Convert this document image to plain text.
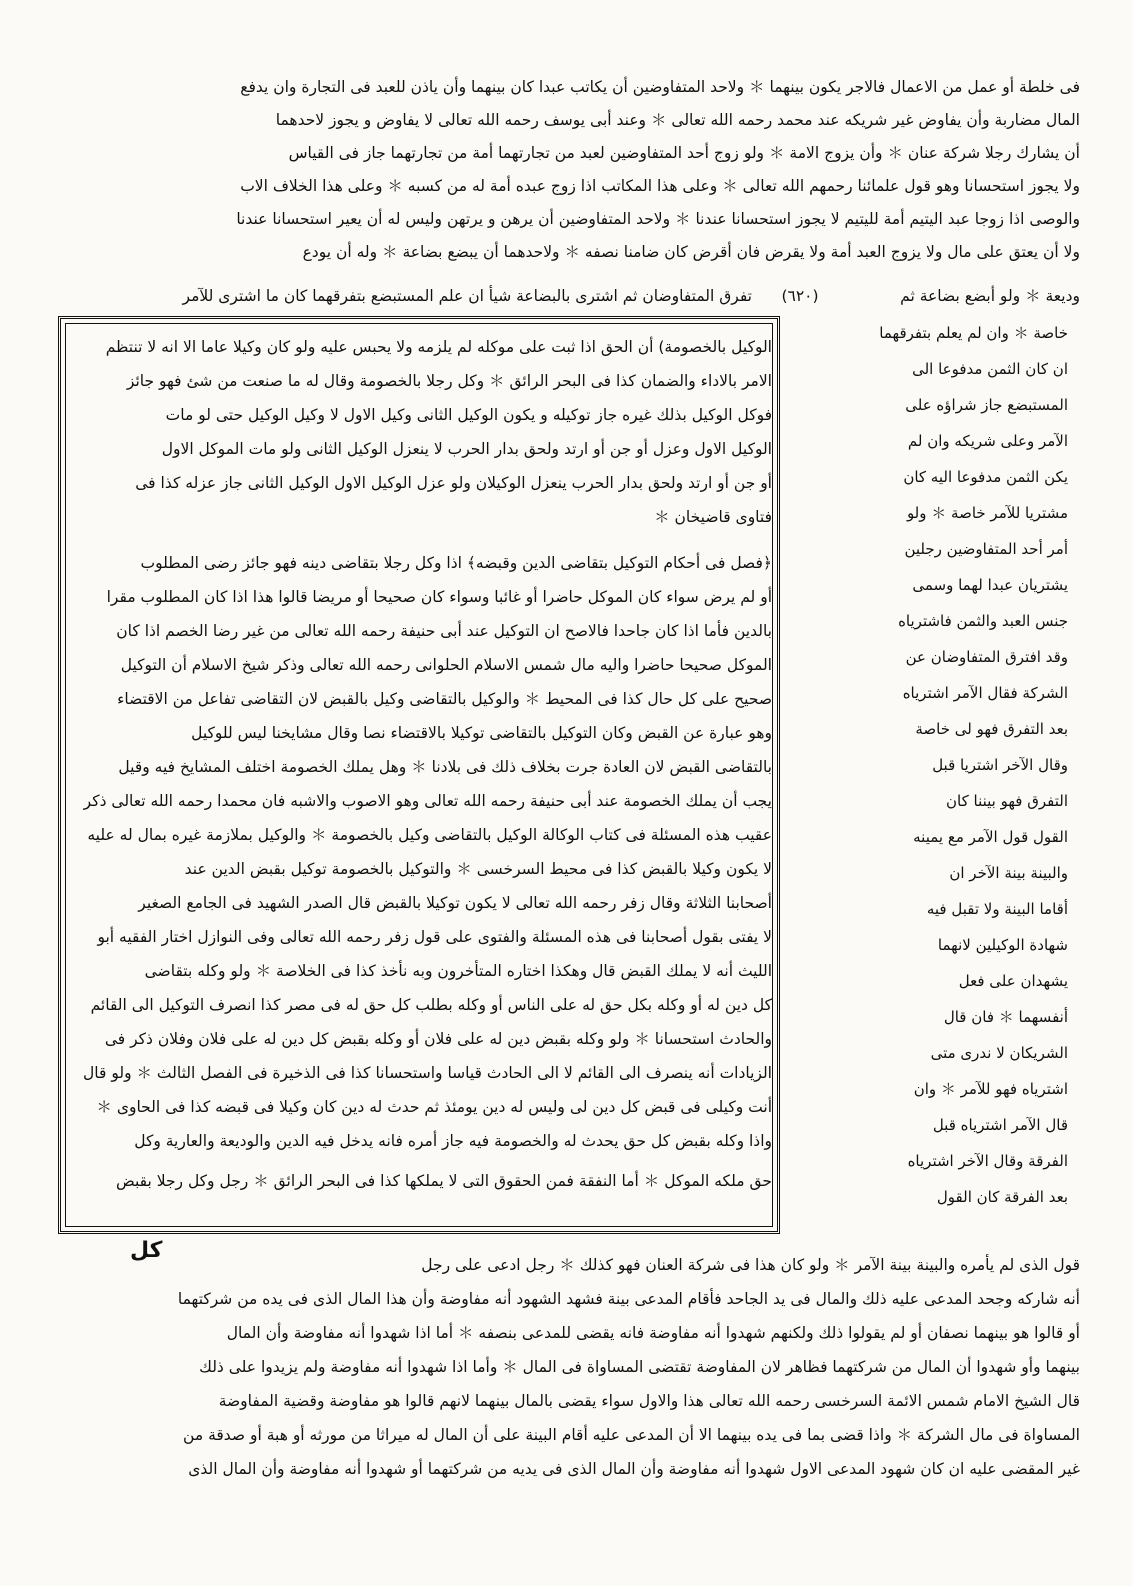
فى خلطة أو عمل من الاعمال فالاجر يكون بينهما ＊ ولاحد المتفاوضين أن يكاتب عبدا كان بينهما وأن ياذن للعبد فى التجارة وان يدفع
المال مضاربة وأن يفاوض غير شريكه عند محمد رحمه الله تعالى ＊ وعند أبى يوسف رحمه الله تعالى لا يفاوض و يجوز لاحدهما
أن يشارك رجلا شركة عنان ＊ وأن يزوج الامة ＊ ولو زوج أحد المتفاوضين لعبد من تجارتهما أمة من تجارتهما جاز فى القياس
ولا يجوز استحسانا وهو قول علمائنا رحمهم الله تعالى ＊ وعلى هذا المكاتب اذا زوج عبده أمة له من كسبه ＊ وعلى هذا الخلاف الاب
والوصى اذا زوجا عبد اليتيم أمة لليتيم لا يجوز استحسانا عندنا ＊ ولاحد المتفاوضين أن يرهن و يرتهن وليس له أن يعير استحسانا عندنا
ولا أن يعتق على مال ولا يزوج العبد أمة ولا يقرض فان أقرض كان ضامنا نصفه ＊ ولاحدهما أن يبضع بضاعة ＊ وله أن يودع
وديعة ＊ ولو أبضع بضاعة ثم
(٦٢٠)
تفرق المتفاوضان ثم اشترى بالبضاعة شيأ ان علم المستبضع بتفرقهما كان ما اشترى للآمر
الوكيل بالخصومة) أن الحق اذا ثبت على موكله لم يلزمه ولا يحبس عليه ولو كان وكيلا عاما الا انه لا تنتظم
الامر بالاداء والضمان كذا فى البحر الرائق ＊ وكل رجلا بالخصومة وقال له ما صنعت من شئ فهو جائز
فوكل الوكيل بذلك غيره جاز توكيله و يكون الوكيل الثانى وكيل الاول لا وكيل الوكيل حتى لو مات
الوكيل الاول وعزل أو جن أو ارتد ولحق بدار الحرب لا ينعزل الوكيل الثانى ولو مات الموكل الاول
أو جن أو ارتد ولحق بدار الحرب ينعزل الوكيلان ولو عزل الوكيل الاول الوكيل الثانى جاز عزله كذا فى
فتاوى قاضيخان ＊
﴿فصل فى أحكام التوكيل بتقاضى الدين وقبضه﴾ اذا وكل رجلا بتقاضى دينه فهو جائز رضى المطلوب
أو لم يرض سواء كان الموكل حاضرا أو غائبا وسواء كان صحيحا أو مريضا قالوا هذا اذا كان المطلوب مقرا
بالدين فأما اذا كان جاحدا فالاصح ان التوكيل عند أبى حنيفة رحمه الله تعالى من غير رضا الخصم اذا كان
الموكل صحيحا حاضرا واليه مال شمس الاسلام الحلوانى رحمه الله تعالى وذكر شيخ الاسلام أن التوكيل
صحيح على كل حال كذا فى المحيط ＊ والوكيل بالتقاضى وكيل بالقبض لان التقاضى تفاعل من الاقتضاء
وهو عبارة عن القبض وكان التوكيل بالتقاضى توكيلا بالاقتضاء نصا وقال مشايخنا ليس للوكيل
بالتقاضى القبض لان العادة جرت بخلاف ذلك فى بلادنا ＊ وهل يملك الخصومة اختلف المشايخ فيه وقيل
يجب أن يملك الخصومة عند أبى حنيفة رحمه الله تعالى وهو الاصوب والاشبه فان محمدا رحمه الله تعالى ذكر
عقيب هذه المسئلة فى كتاب الوكالة الوكيل بالتقاضى وكيل بالخصومة ＊ والوكيل بملازمة غيره بمال له عليه
لا يكون وكيلا بالقبض كذا فى محيط السرخسى ＊ والتوكيل بالخصومة توكيل بقبض الدين عند
أصحابنا الثلاثة وقال زفر رحمه الله تعالى لا يكون توكيلا بالقبض قال الصدر الشهيد فى الجامع الصغير
لا يفتى بقول أصحابنا فى هذه المسئلة والفتوى على قول زفر رحمه الله تعالى وفى النوازل اختار الفقيه أبو
الليث أنه لا يملك القبض قال وهكذا اختاره المتأخرون وبه نأخذ كذا فى الخلاصة ＊ ولو وكله بتقاضى
كل دين له أو وكله بكل حق له على الناس أو وكله بطلب كل حق له فى مصر كذا انصرف التوكيل الى القائم
والحادث استحسانا ＊ ولو وكله بقبض دين له على فلان أو وكله بقبض كل دين له على فلان وفلان ذكر فى
الزيادات أنه ينصرف الى القائم لا الى الحادث قياسا واستحسانا كذا فى الذخيرة فى الفصل الثالث ＊ ولو قال
أنت وكيلى فى قبض كل دين لى وليس له دين يومئذ ثم حدث له دين كان وكيلا فى قبضه كذا فى الحاوى ＊
واذا وكله بقبض كل حق يحدث له والخصومة فيه جاز أمره فانه يدخل فيه الدين والوديعة والعارية وكل
حق ملكه الموكل ＊ أما النفقة فمن الحقوق التى لا يملكها كذا فى البحر الرائق ＊ رجل وكل رجلا بقبض
خاصة ＊ وان لم يعلم بتفرقهما
ان كان الثمن مدفوعا الى
المستبضع جاز شراؤه على
الآمر وعلى شريكه وان لم
يكن الثمن مدفوعا اليه كان
مشتريا للآمر خاصة ＊ ولو
أمر أحد المتفاوضين رجلين
يشتريان عبدا لهما وسمى
جنس العبد والثمن فاشترياه
وقد افترق المتفاوضان عن
الشركة فقال الآمر اشترياه
بعد التفرق فهو لى خاصة
وقال الآخر اشتريا قبل
التفرق فهو بيننا كان
القول قول الآمر مع يمينه
والبينة بينة الآخر ان
أقاما البينة ولا تقبل فيه
شهادة الوكيلين لانهما
يشهدان على فعل
أنفسهما ＊ فان قال
الشريكان لا ندرى متى
اشترياه فهو للآمر ＊ وان
قال الآمر اشترياه قبل
الفرقة وقال الآخر اشترياه
بعد الفرقة كان القول
كل
قول الذى لم يأمره والبينة بينة الآمر ＊ ولو كان هذا فى شركة العنان فهو كذلك ＊ رجل ادعى على رجل
أنه شاركه وجحد المدعى عليه ذلك والمال فى يد الجاحد فأقام المدعى بينة فشهد الشهود أنه مفاوضة وأن هذا المال الذى فى يده من شركتهما
أو قالوا هو بينهما نصفان أو لم يقولوا ذلك ولكنهم شهدوا أنه مفاوضة فانه يقضى للمدعى بنصفه ＊ أما اذا شهدوا أنه مفاوضة وأن المال
بينهما وأو شهدوا أن المال من شركتهما فظاهر لان المفاوضة تقتضى المساواة فى المال ＊ وأما اذا شهدوا أنه مفاوضة ولم يزيدوا على ذلك
قال الشيخ الامام شمس الائمة السرخسى رحمه الله تعالى هذا والاول سواء يقضى بالمال بينهما لانهم قالوا هو مفاوضة وقضية المفاوضة
المساواة فى مال الشركة ＊ واذا قضى بما فى يده بينهما الا أن المدعى عليه أقام البينة على أن المال له ميراثا من مورثه أو هبة أو صدقة من
غير المقضى عليه ان كان شهود المدعى الاول شهدوا أنه مفاوضة وأن المال الذى فى يديه من شركتهما أو شهدوا أنه مفاوضة وأن المال الذى
